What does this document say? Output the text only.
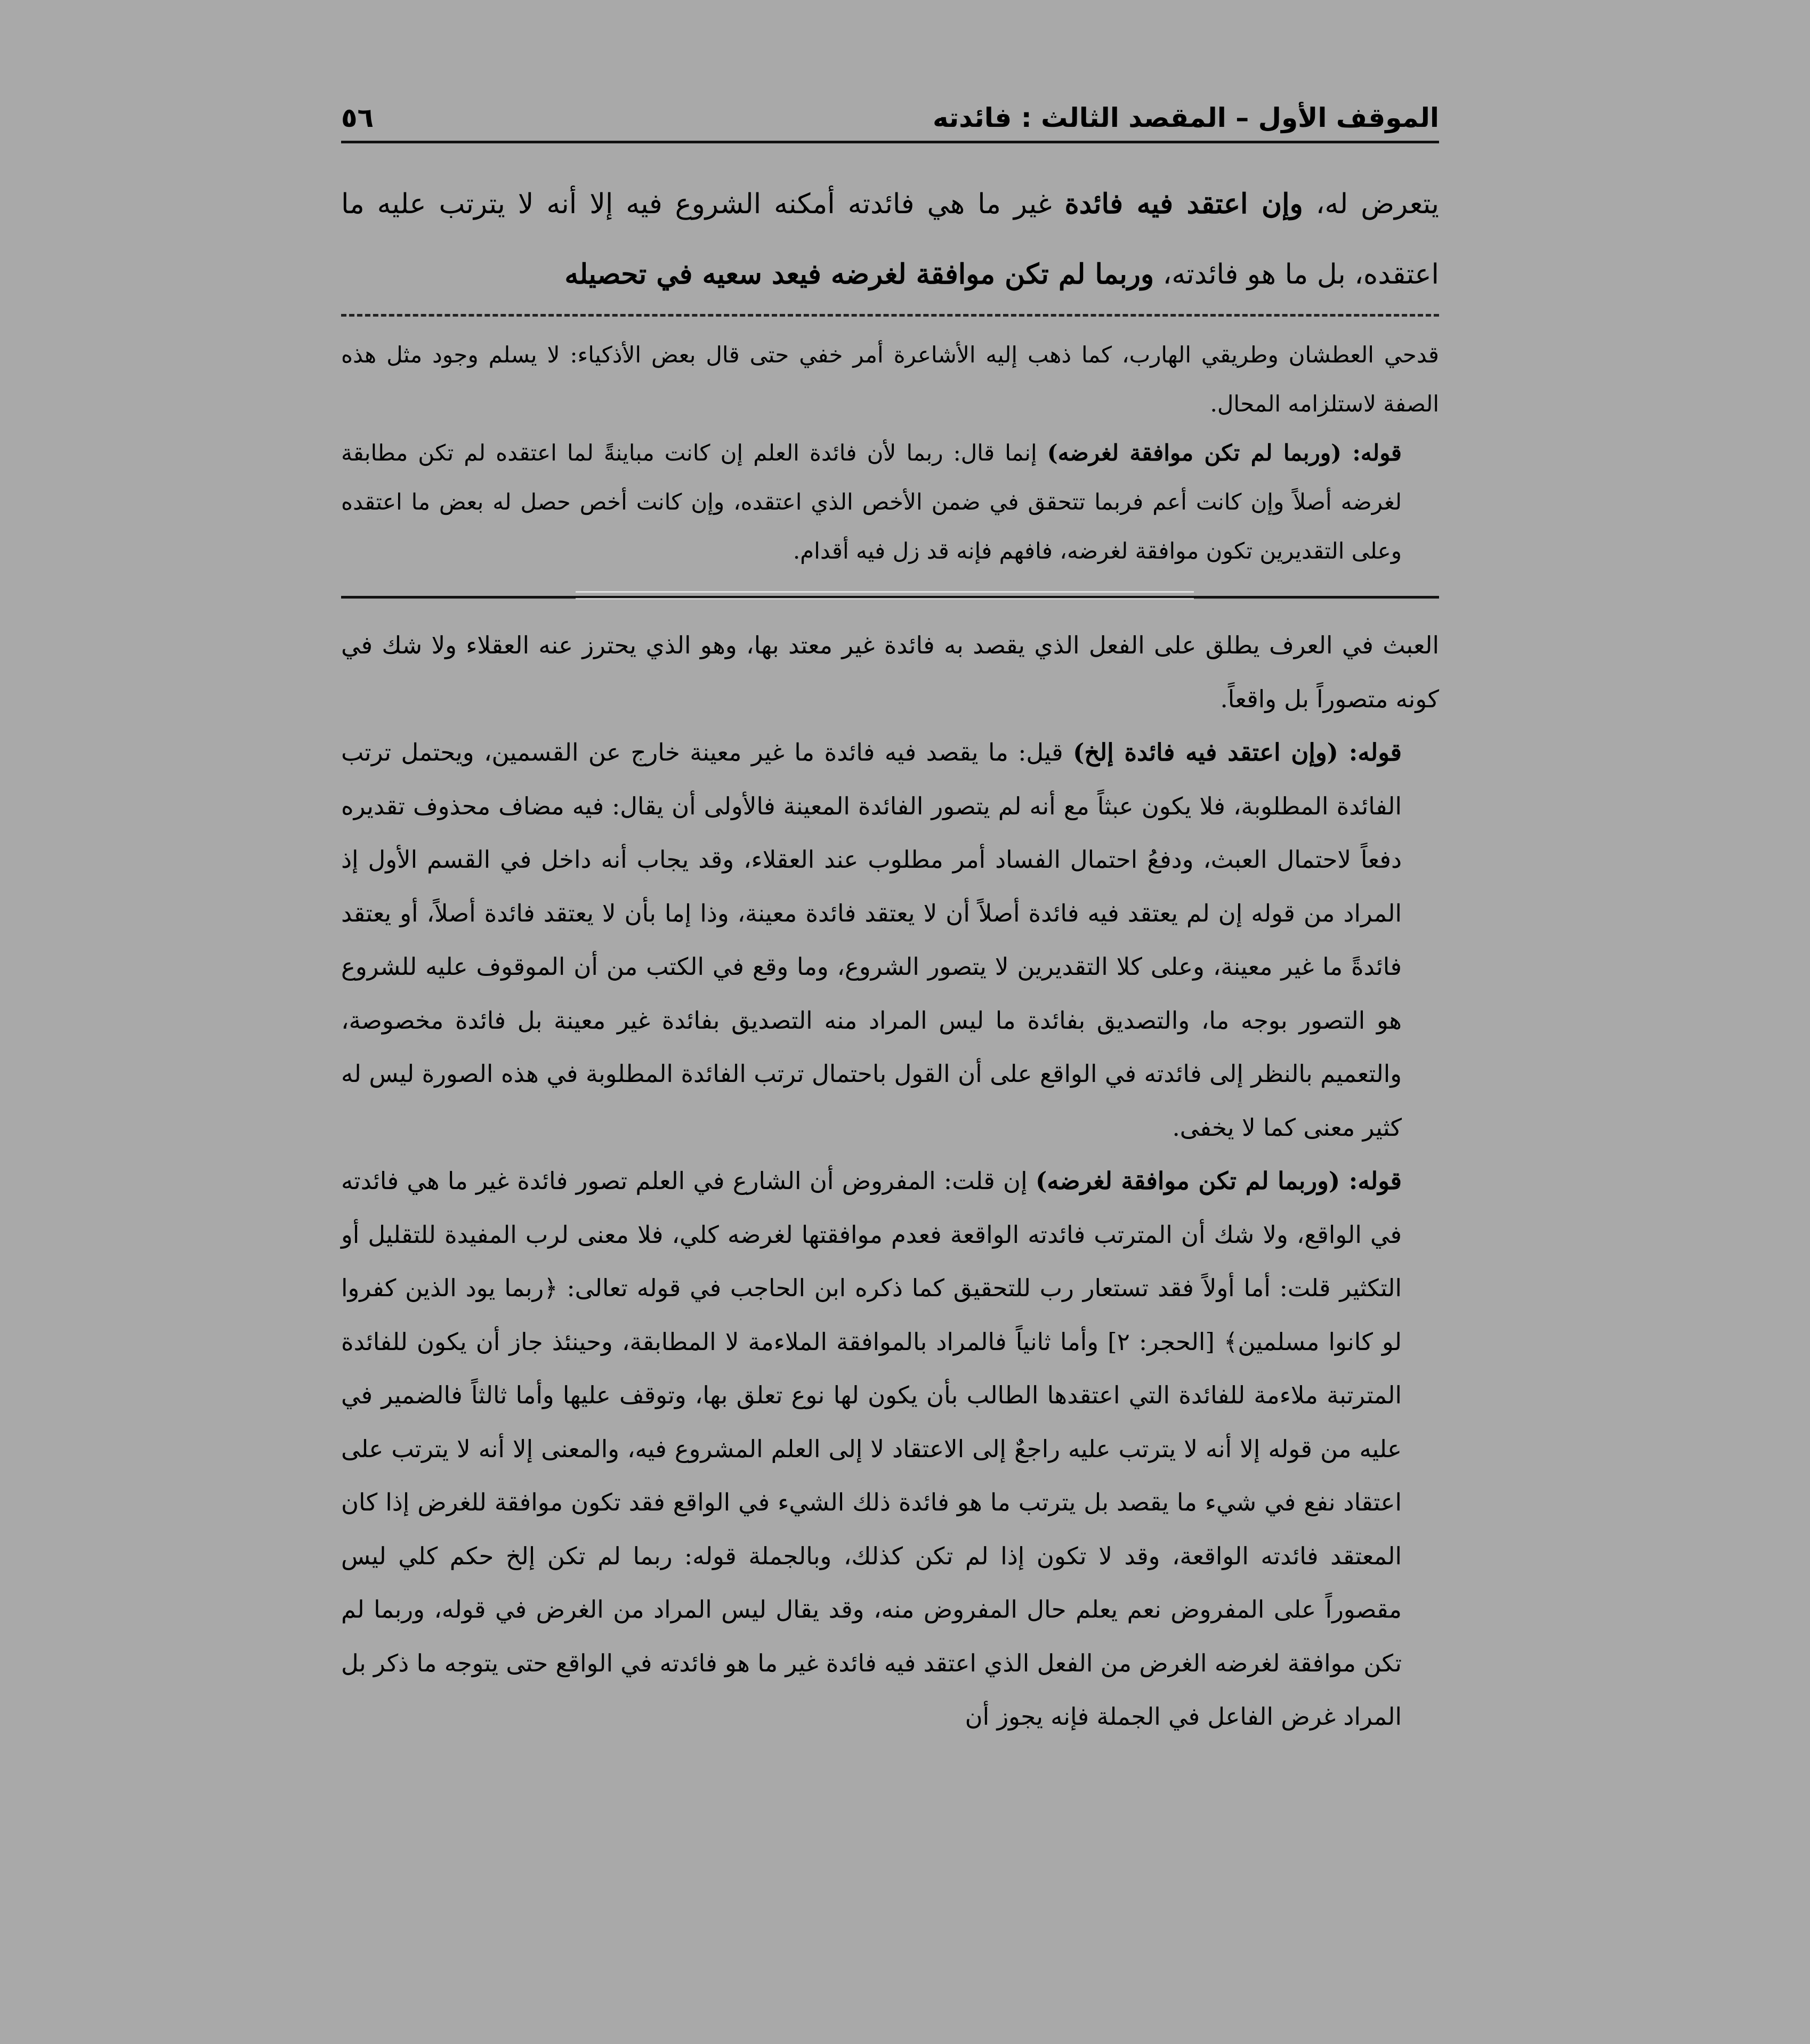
الموقف الأول – المقصد الثالث : فائدته
٥٦
يتعرض له، وإن اعتقد فيه فائدة غير ما هي فائدته أمكنه الشروع فيه إلا أنه لا يترتب عليه ما اعتقده، بل ما هو فائدته، وربما لم تكن موافقة لغرضه فيعد سعيه في تحصيله

قدحي العطشان وطريقي الهارب، كما ذهب إليه الأشاعرة أمر خفي حتى قال بعض الأذكياء: لا يسلم وجود مثل هذه الصفة لاستلزامه المحال.

قوله: (وربما لم تكن موافقة لغرضه) إنما قال: ربما لأن فائدة العلم إن كانت مباينةً لما اعتقده لم تكن مطابقة لغرضه أصلاً وإن كانت أعم فربما تتحقق في ضمن الأخص الذي اعتقده، وإن كانت أخص حصل له بعض ما اعتقده وعلى التقديرين تكون موافقة لغرضه، فافهم فإنه قد زل فيه أقدام.

العبث في العرف يطلق على الفعل الذي يقصد به فائدة غير معتد بها، وهو الذي يحترز عنه العقلاء ولا شك في كونه متصوراً بل واقعاً.

قوله: (وإن اعتقد فيه فائدة إلخ) قيل: ما يقصد فيه فائدة ما غير معينة خارج عن القسمين، ويحتمل ترتب الفائدة المطلوبة، فلا يكون عبثاً مع أنه لم يتصور الفائدة المعينة فالأولى أن يقال: فيه مضاف محذوف تقديره دفعاً لاحتمال العبث، ودفعُ احتمال الفساد أمر مطلوب عند العقلاء، وقد يجاب أنه داخل في القسم الأول إذ المراد من قوله إن لم يعتقد فيه فائدة أصلاً أن لا يعتقد فائدة معينة، وذا إما بأن لا يعتقد فائدة أصلاً، أو يعتقد فائدةً ما غير معينة، وعلى كلا التقديرين لا يتصور الشروع، وما وقع في الكتب من أن الموقوف عليه للشروع هو التصور بوجه ما، والتصديق بفائدة ما ليس المراد منه التصديق بفائدة غير معينة بل فائدة مخصوصة، والتعميم بالنظر إلى فائدته في الواقع على أن القول باحتمال ترتب الفائدة المطلوبة في هذه الصورة ليس له كثير معنى كما لا يخفى.

قوله: (وربما لم تكن موافقة لغرضه) إن قلت: المفروض أن الشارع في العلم تصور فائدة غير ما هي فائدته في الواقع، ولا شك أن المترتب فائدته الواقعة فعدم موافقتها لغرضه كلي، فلا معنى لرب المفيدة للتقليل أو التكثير قلت: أما أولاً فقد تستعار رب للتحقيق كما ذكره ابن الحاجب في قوله تعالى: ﴿ربما يود الذين كفروا لو كانوا مسلمين﴾ [الحجر: ٢] وأما ثانياً فالمراد بالموافقة الملاءمة لا المطابقة، وحينئذ جاز أن يكون للفائدة المترتبة ملاءمة للفائدة التي اعتقدها الطالب بأن يكون لها نوع تعلق بها، وتوقف عليها وأما ثالثاً فالضمير في عليه من قوله إلا أنه لا يترتب عليه راجعٌ إلى الاعتقاد لا إلى العلم المشروع فيه، والمعنى إلا أنه لا يترتب على اعتقاد نفع في شيء ما يقصد بل يترتب ما هو فائدة ذلك الشيء في الواقع فقد تكون موافقة للغرض إذا كان المعتقد فائدته الواقعة، وقد لا تكون إذا لم تكن كذلك، وبالجملة قوله: ربما لم تكن إلخ حكم كلي ليس مقصوراً على المفروض نعم يعلم حال المفروض منه، وقد يقال ليس المراد من الغرض في قوله، وربما لم تكن موافقة لغرضه الغرض من الفعل الذي اعتقد فيه فائدة غير ما هو فائدته في الواقع حتى يتوجه ما ذكر بل المراد غرض الفاعل في الجملة فإنه يجوز أن
